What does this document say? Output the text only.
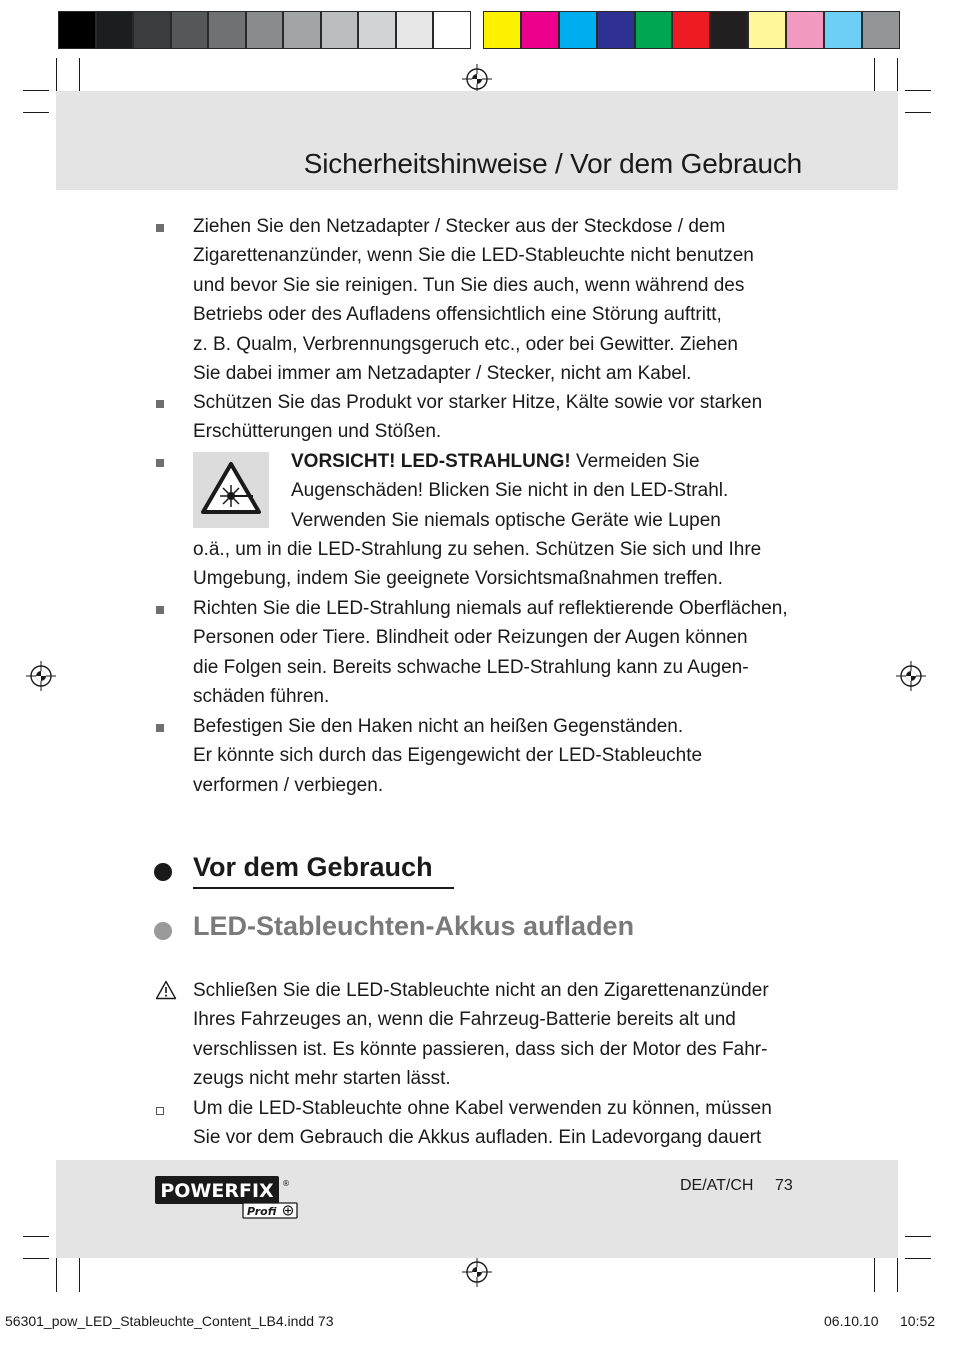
Sicherheitshinweise / Vor dem Gebrauch
Ziehen Sie den Netzadapter / Stecker aus der Steckdose / dem
Zigarettenanzünder, wenn Sie die LED-Stableuchte nicht benutzen
und bevor Sie sie reinigen. Tun Sie dies auch, wenn während des
Betriebs oder des Aufladens offensichtlich eine Störung auftritt,
z. B. Qualm, Verbrennungsgeruch etc., oder bei Gewitter. Ziehen
Sie dabei immer am Netzadapter / Stecker, nicht am Kabel.
Schützen Sie das Produkt vor starker Hitze, Kälte sowie vor starken
Erschütterungen und Stößen.
VORSICHT! LED-STRAHLUNG! Vermeiden Sie
Augenschäden! Blicken Sie nicht in den LED-Strahl.
Verwenden Sie niemals optische Geräte wie Lupen
o.ä., um in die LED-Strahlung zu sehen. Schützen Sie sich und Ihre
Umgebung, indem Sie geeignete Vorsichtsmaßnahmen treffen.
Richten Sie die LED-Strahlung niemals auf reflektierende Oberflächen,
Personen oder Tiere. Blindheit oder Reizungen der Augen können
die Folgen sein. Bereits schwache LED-Strahlung kann zu Augen-
schäden führen.
Befestigen Sie den Haken nicht an heißen Gegenständen.
Er könnte sich durch das Eigengewicht der LED-Stableuchte
verformen / verbiegen.
Vor dem Gebrauch
LED-Stableuchten-Akkus aufladen
Schließen Sie die LED-Stableuchte nicht an den Zigarettenanzünder
Ihres Fahrzeuges an, wenn die Fahrzeug-Batterie bereits alt und
verschlissen ist. Es könnte passieren, dass sich der Motor des Fahr-
zeugs nicht mehr starten lässt.
Um die LED-Stableuchte ohne Kabel verwenden zu können, müssen
Sie vor dem Gebrauch die Akkus aufladen. Ein Ladevorgang dauert
POWERFIX ®
Profi
DE/AT/CH 73
56301_pow_LED_Stableuchte_Content_LB4.indd 73	06.10.10 10:52
